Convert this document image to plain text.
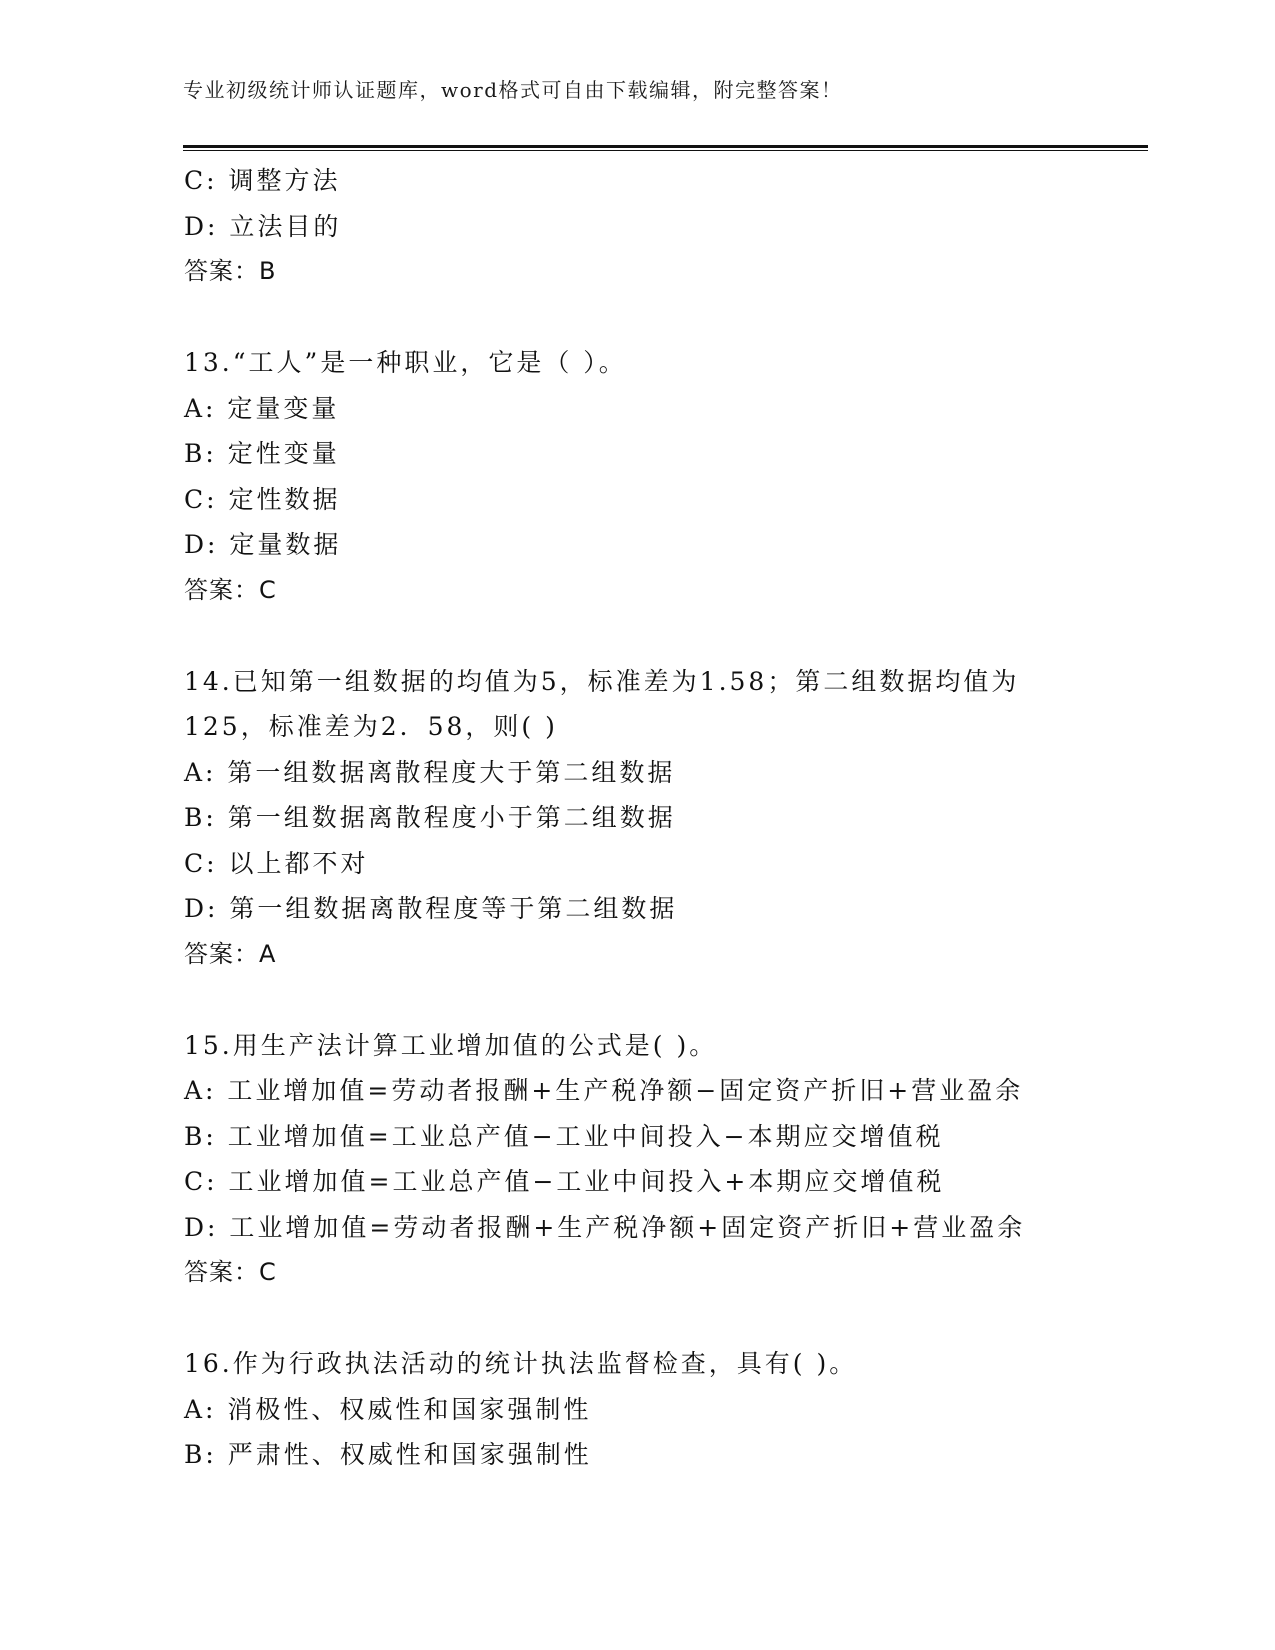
专业初级统计师认证题库，word格式可自由下载编辑，附完整答案！
C: 调整方法
D: 立法目的
答案：B
13.“工人”是一种职业，它是（ ）。
A: 定量变量
B: 定性变量
C: 定性数据
D: 定量数据
答案：C
14.已知第一组数据的均值为5，标准差为1.58；第二组数据均值为
125，标准差为2．58，则( )
A: 第一组数据离散程度大于第二组数据
B: 第一组数据离散程度小于第二组数据
C: 以上都不对
D: 第一组数据离散程度等于第二组数据
答案：A
15.用生产法计算工业增加值的公式是( )。
A: 工业增加值=劳动者报酬+生产税净额−固定资产折旧+营业盈余
B: 工业增加值=工业总产值−工业中间投入−本期应交增值税
C: 工业增加值=工业总产值−工业中间投入+本期应交增值税
D: 工业增加值=劳动者报酬+生产税净额+固定资产折旧+营业盈余
答案：C
16.作为行政执法活动的统计执法监督检查，具有( )。
A: 消极性、权威性和国家强制性
B: 严肃性、权威性和国家强制性
